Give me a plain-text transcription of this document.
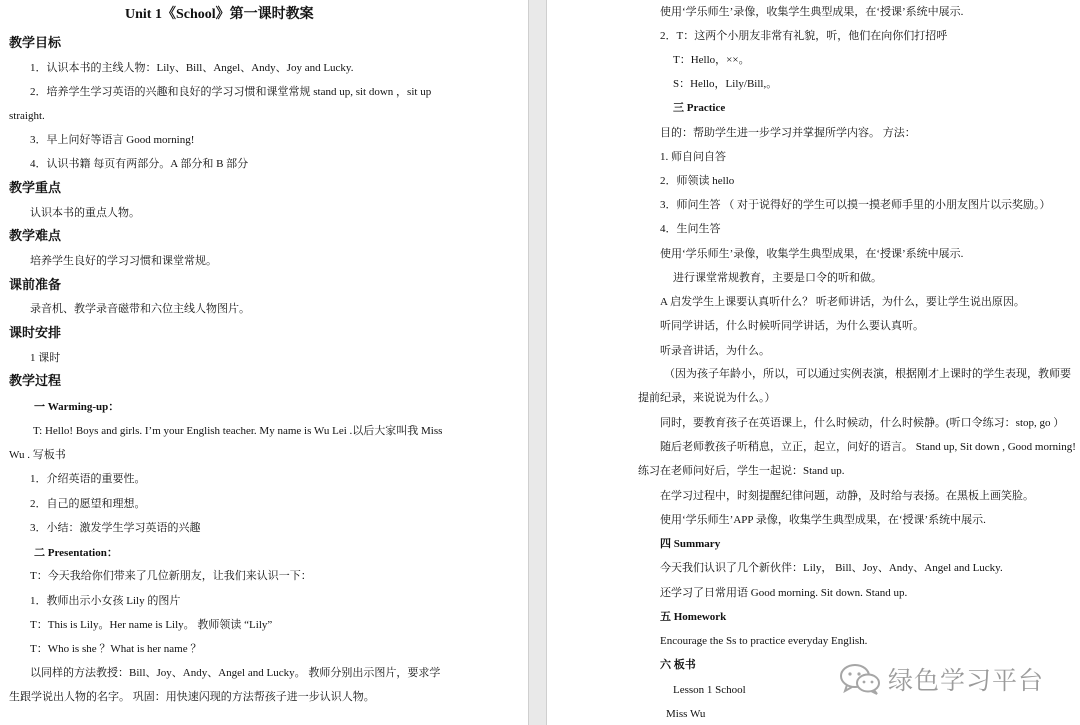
Unit 1《School》第一课时教案
教学目标
1．认识本书的主线人物：Lily、Bill、Angel、Andy、Joy and Lucky.
2．培养学生学习英语的兴趣和良好的学习习惯和课堂常规 stand up, sit down ，sit up straight.
3．早上问好等语言 Good morning!
4．认识书籍 每页有两部分。A 部分和 B 部分
教学重点
认识本书的重点人物。
教学难点
培养学生良好的学习习惯和课堂常规。
课前准备
录音机、教学录音磁带和六位主线人物图片。
课时安排
1 课时
教学过程
一 Warming-up：
T: Hello! Boys and girls. I’m your English teacher. My name is Wu Lei .以后大家叫我 Miss Wu . 写板书
1．介绍英语的重要性。
2．自己的愿望和理想。
3．小结：激发学生学习英语的兴趣
二 Presentation：
T：今天我给你们带来了几位新朋友，让我们来认识一下：
1．教师出示小女孩 Lily 的图片
T：This is Lily。Her name is Lily。 教师领读 “Lily”
T：Who is she ？What is her name ？
以同样的方法教授：Bill、Joy、Andy、Angel and Lucky。 教师分别出示图片，要求学生跟学说出人物的名字。 巩固：用快速闪现的方法帮孩子进一步认识人物。
使用‘学乐师生’录像，收集学生典型成果，在‘授课’系统中展示.
2．T：这两个小朋友非常有礼貌，听，他们在向你们打招呼
T：Hello，××。
S：Hello，Lily/Bill,。
三 Practice
目的：帮助学生进一步学习并掌握所学内容。 方法：
1. 师自问自答
2．师领读 hello
3．师问生答 （ 对于说得好的学生可以摸一摸老师手里的小朋友图片以示奖励。）
4．生问生答
使用‘学乐师生’录像，收集学生典型成果，在‘授课’系统中展示.
进行课堂常规教育，主要是口令的听和做。
A 启发学生上课要认真听什么？ 听老师讲话，为什么，要让学生说出原因。
听同学讲话，什么时候听同学讲话，为什么要认真听。
听录音讲话，为什么。
（因为孩子年龄小，所以，可以通过实例表演，根据刚才上课时的学生表现，教师要提前纪录，来说说为什么。）
同时，要教育孩子在英语课上，什么时候动，什么时候静。(听口令练习：stop, go ）
随后老师教孩子听稍息，立正，起立，问好的语言。 Stand up, Sit down , Good morning!练习在老师问好后，学生一起说：Stand up.
在学习过程中，时刻提醒纪律问题，动静，及时给与表扬。在黑板上画笑脸。
使用‘学乐师生’APP 录像，收集学生典型成果，在‘授课’系统中展示.
四 Summary
今天我们认识了几个新伙伴：Lily， Bill、Joy、Andy、Angel and Lucky.
还学习了日常用语 Good morning. Sit down. Stand up.
五 Homework
Encourage the Ss to practice everyday English.
六 板书
Lesson 1 School
Miss Wu
绿色学习平台
